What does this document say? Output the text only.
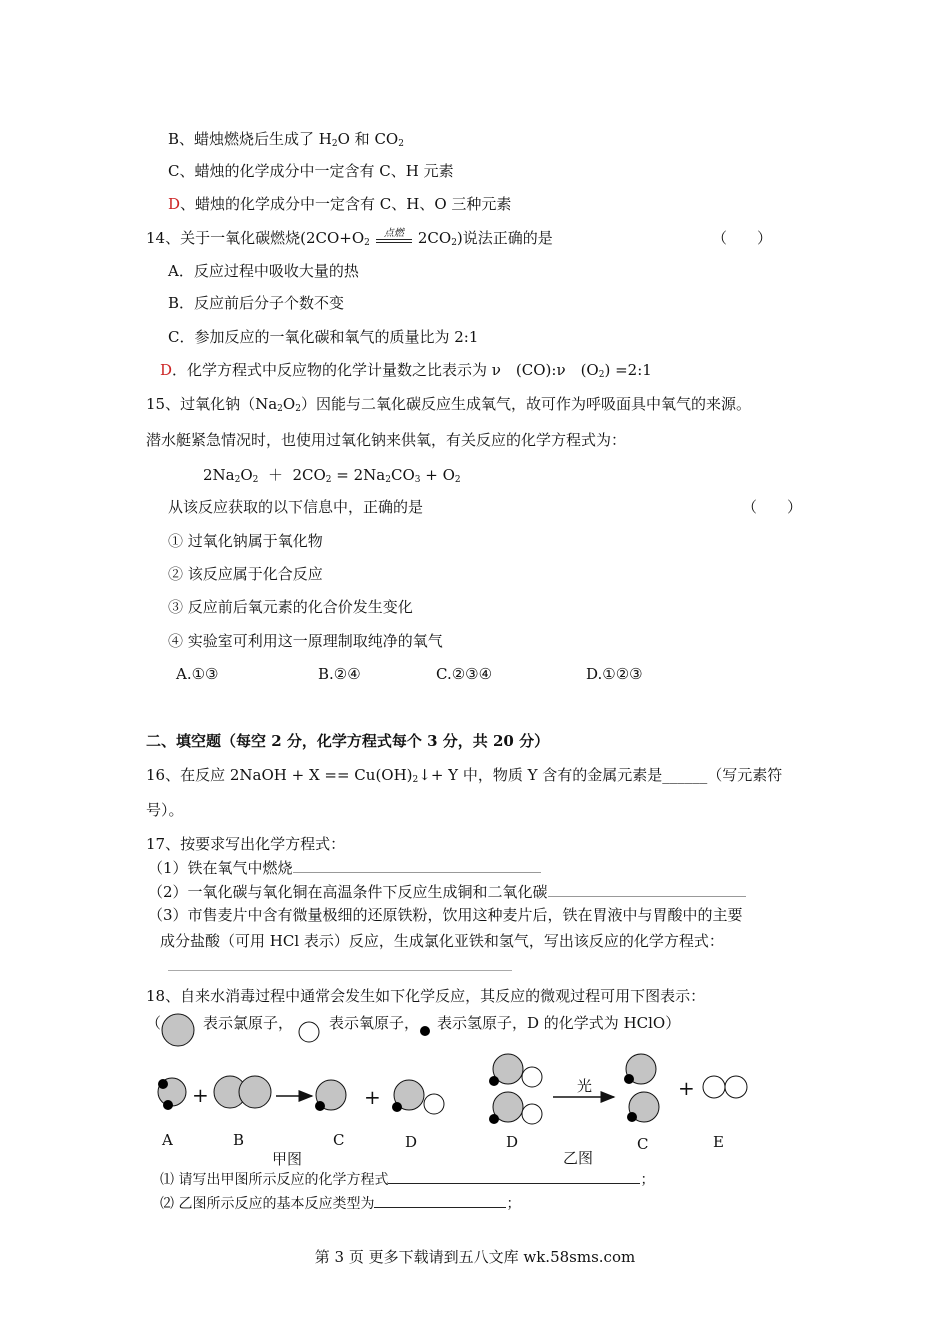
B、蜡烛燃烧后生成了 $H_2O$ 和 $CO_2$
C、蜡烛的化学成分中一定含有 C、H 元素
D、蜡烛的化学成分中一定含有 C、H、O 三种元素
14、关于一氧化碳燃烧($2CO+O_2$
点燃 $2CO_2$)说法正确的是	（　　）
A．反应过程中吸收大量的热
B．反应前后分子个数不变
C．参加反应的一氧化碳和氧气的质量比为 2:1
D．化学方程式中反应物的化学计量数之比表示为 ν　(CO):ν　$(O_2)$ =2:1
15、过氧化钠$(Na_2O_2)$因能与二氧化碳反应生成氧气，故可作为呼吸面具中氧气的来源。
潜水艇紧急情况时，也使用过氧化钠来供氧，有关反应的化学方程式为：
$2Na_2O_2 + 2CO_2 = 2Na_2CO_3 + O_2$
从该反应获取的以下信息中，正确的是	（　　）
① 过氧化钠属于氧化物
② 该反应属于化合反应
③ 反应前后氧元素的化合价发生变化
④ 实验室可利用这一原理制取纯净的氧气
A.①③	B.②④	C.②③④	D.①②③
二、填空题（每空 2 分，化学方程式每个 3 分，共 20 分）
16、在反应 2NaOH + $X == Cu(OH)_2↓+ Y$ 中，物质 Y 含有的金属元素是______（写元素符
号）。
17、按要求写出化学方程式：
（1）铁在氧气中燃烧
（2）一氧化碳与氧化铜在高温条件下反应生成铜和二氧化碳
（3）市售麦片中含有微量极细的还原铁粉，饮用这种麦片后，铁在胃液中与胃酸中的主要
成分盐酸（可用 HCl 表示）反应，生成氯化亚铁和氢气，写出该反应的化学方程式：
18、自来水消毒过程中通常会发生如下化学反应，其反应的微观过程可用下图表示：
（	表示氯原子， 表示氧原子， 表示氢原子，D 的化学式为 HClO）
+	+	+
光
A	B	C	D	D	C	E
甲图	乙图
⑴ 请写出甲图所示反应的化学方程式	；
⑵ 乙图所示反应的基本反应类型为	；
第 3 页 更多下载请到五八文库 wk.58sms.com
